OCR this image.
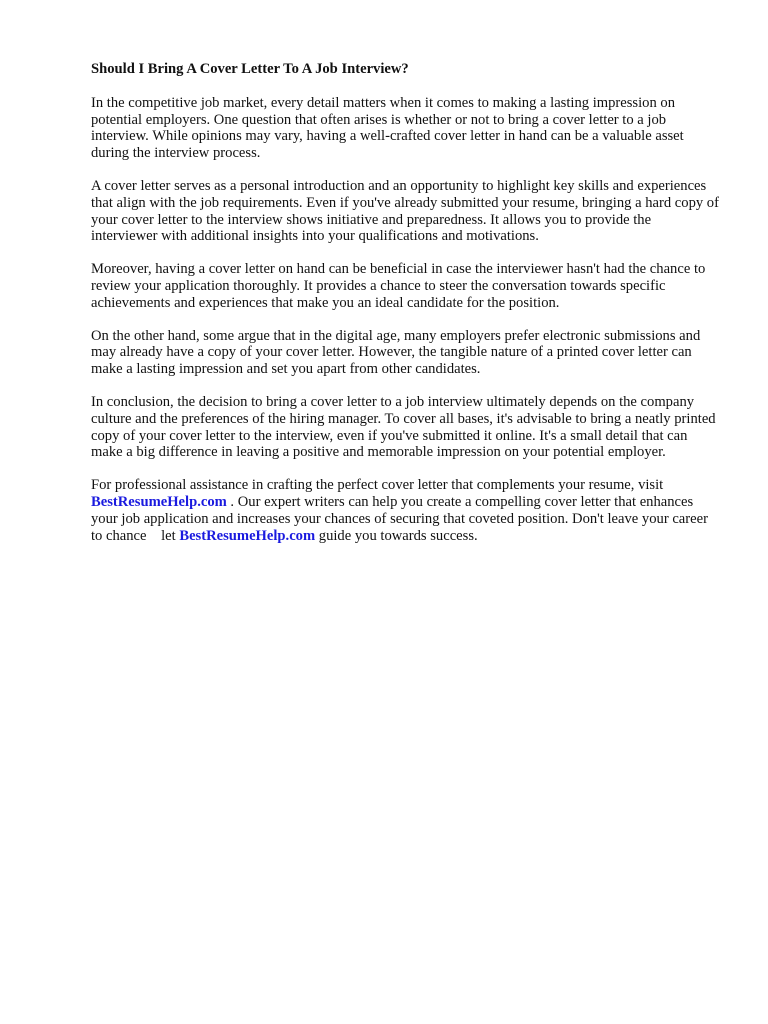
Should I Bring A Cover Letter To A Job Interview?

In the competitive job market, every detail matters when it comes to making a lasting impression on potential employers. One question that often arises is whether or not to bring a cover letter to a job interview. While opinions may vary, having a well-crafted cover letter in hand can be a valuable asset during the interview process.

A cover letter serves as a personal introduction and an opportunity to highlight key skills and experiences that align with the job requirements. Even if you've already submitted your resume, bringing a hard copy of your cover letter to the interview shows initiative and preparedness. It allows you to provide the interviewer with additional insights into your qualifications and motivations.

Moreover, having a cover letter on hand can be beneficial in case the interviewer hasn't had the chance to review your application thoroughly. It provides a chance to steer the conversation towards specific achievements and experiences that make you an ideal candidate for the position.

On the other hand, some argue that in the digital age, many employers prefer electronic submissions and may already have a copy of your cover letter. However, the tangible nature of a printed cover letter can make a lasting impression and set you apart from other candidates.

In conclusion, the decision to bring a cover letter to a job interview ultimately depends on the company culture and the preferences of the hiring manager. To cover all bases, it's advisable to bring a neatly printed copy of your cover letter to the interview, even if you've submitted it online. It's a small detail that can make a big difference in leaving a positive and memorable impression on your potential employer.

For professional assistance in crafting the perfect cover letter that complements your resume, visit BestResumeHelp.com . Our expert writers can help you create a compelling cover letter that enhances your job application and increases your chances of securing that coveted position. Don't leave your career to chance    let BestResumeHelp.com guide you towards success.
